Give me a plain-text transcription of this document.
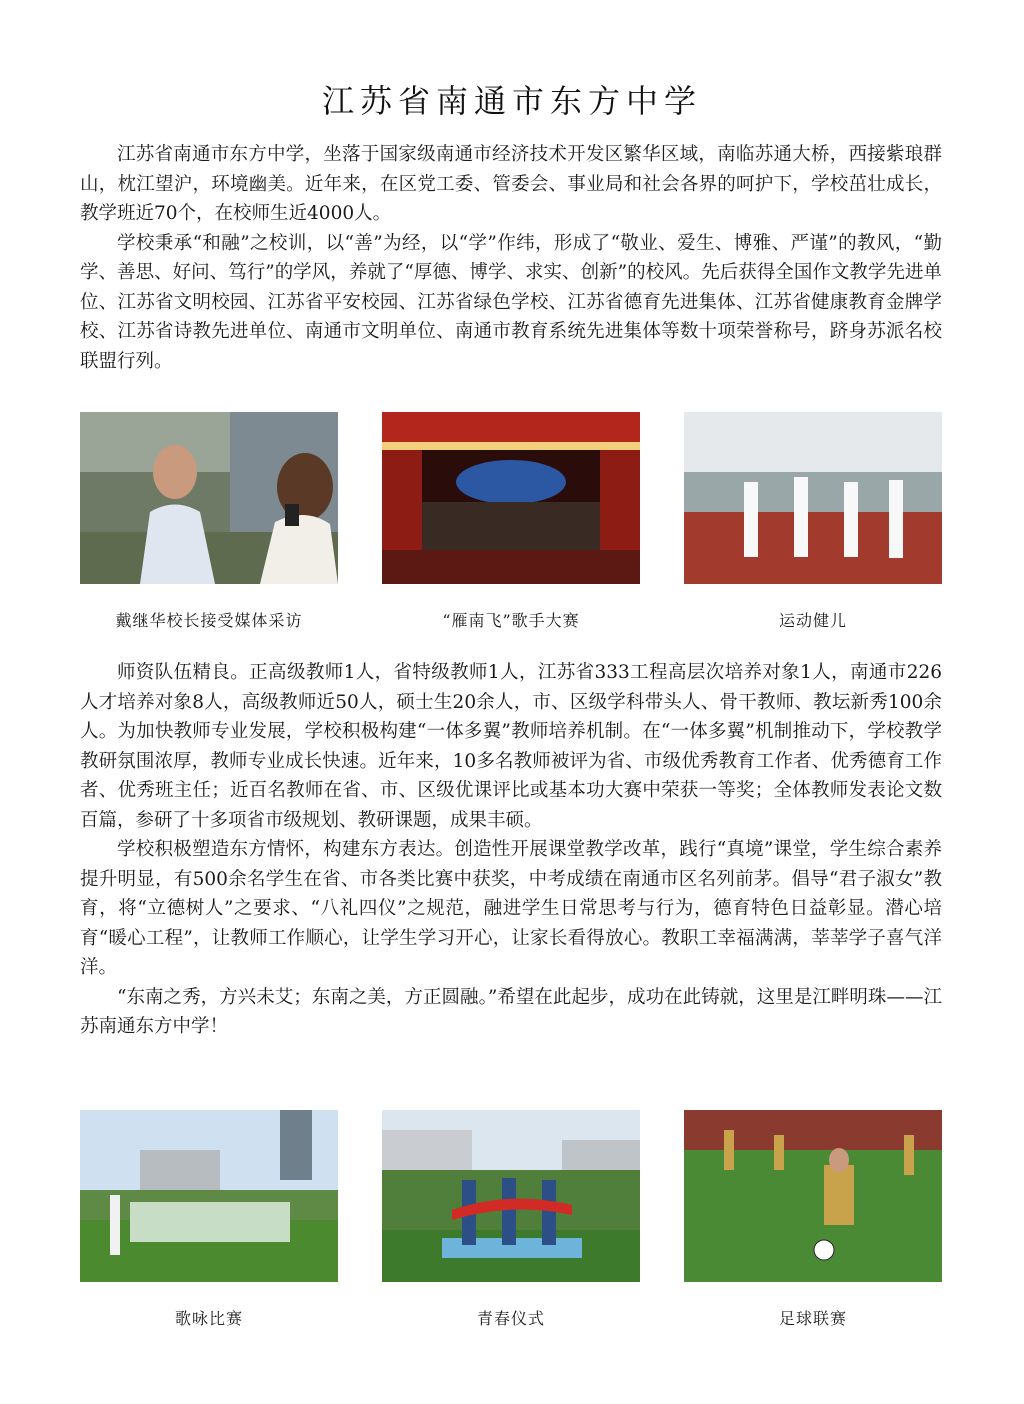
江苏省南通市东方中学

江苏省南通市东方中学，坐落于国家级南通市经济技术开发区繁华区域，南临苏通大桥，西接紫琅群山，枕江望沪，环境幽美。近年来，在区党工委、管委会、事业局和社会各界的呵护下，学校茁壮成长，教学班近70个，在校师生近4000人。

学校秉承“和融”之校训，以“善”为经，以“学”作纬，形成了“敬业、爱生、博雅、严谨”的教风，“勤学、善思、好问、笃行”的学风，养就了“厚德、博学、求实、创新”的校风。先后获得全国作文教学先进单位、江苏省文明校园、江苏省平安校园、江苏省绿色学校、江苏省德育先进集体、江苏省健康教育金牌学校、江苏省诗教先进单位、南通市文明单位、南通市教育系统先进集体等数十项荣誉称号，跻身苏派名校联盟行列。

戴继华校长接受媒体采访	“雁南飞”歌手大赛	运动健儿

师资队伍精良。正高级教师1人，省特级教师1人，江苏省333工程高层次培养对象1人，南通市226人才培养对象8人，高级教师近50人，硕士生20余人，市、区级学科带头人、骨干教师、教坛新秀100余人。为加快教师专业发展，学校积极构建“一体多翼”教师培养机制。在“一体多翼”机制推动下，学校教学教研氛围浓厚，教师专业成长快速。近年来，10多名教师被评为省、市级优秀教育工作者、优秀德育工作者、优秀班主任；近百名教师在省、市、区级优课评比或基本功大赛中荣获一等奖；全体教师发表论文数百篇，参研了十多项省市级规划、教研课题，成果丰硕。

学校积极塑造东方情怀，构建东方表达。创造性开展课堂教学改革，践行“真境”课堂，学生综合素养提升明显，有500余名学生在省、市各类比赛中获奖，中考成绩在南通市区名列前茅。倡导“君子淑女”教育，将“立德树人”之要求、“八礼四仪”之规范，融进学生日常思考与行为，德育特色日益彰显。潜心培育“暖心工程”，让教师工作顺心，让学生学习开心，让家长看得放心。教职工幸福满满，莘莘学子喜气洋洋。

“东南之秀，方兴未艾；东南之美，方正圆融。”希望在此起步，成功在此铸就，这里是江畔明珠——江苏南通东方中学！

歌咏比赛	青春仪式	足球联赛
